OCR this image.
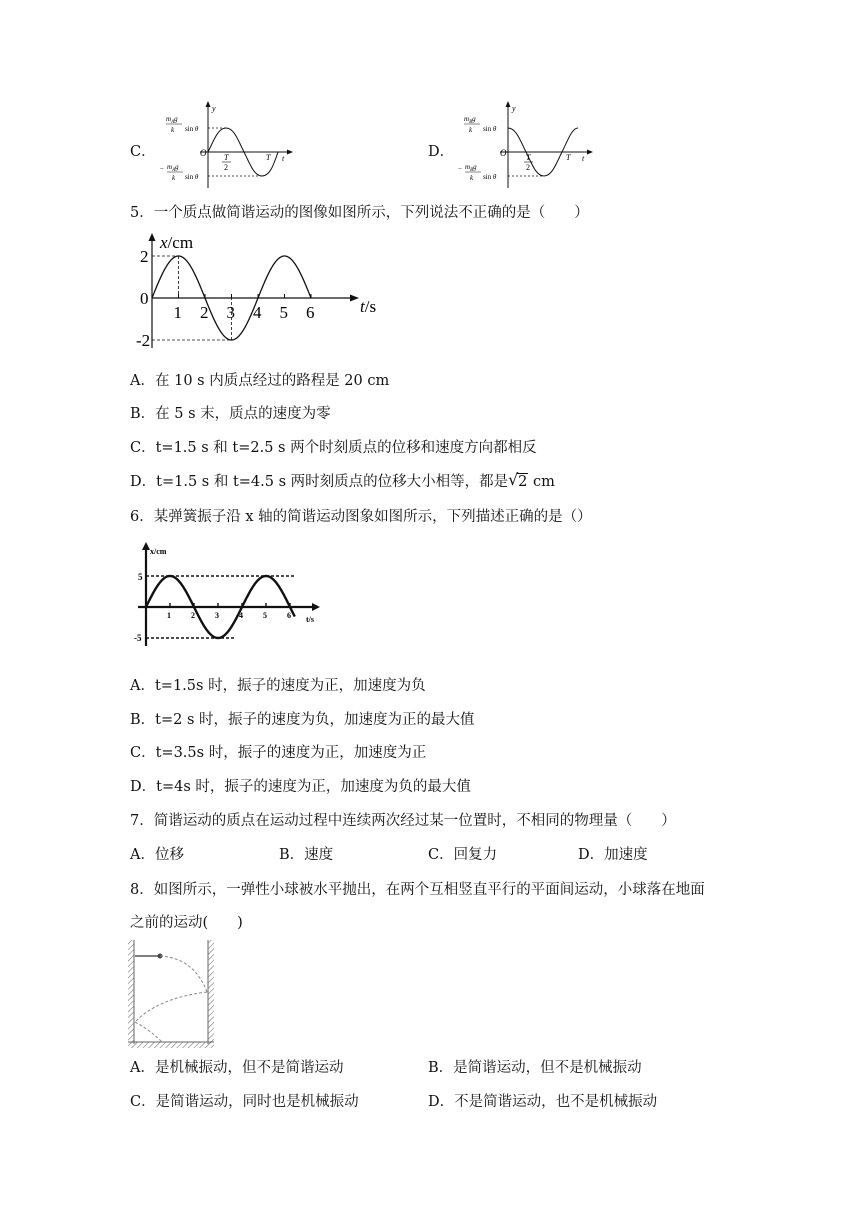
C．
y
t
O T
2
T
$m_Ag$
k sin θ
− $m_Ag$
k sin θ
D．
y
t
O T
2
T
$m_Bg$
k sin θ
− $m_Bg$
k sin θ
5．一个质点做简谐运动的图像如图所示，下列说法不正确的是（　　）
x/cm
t/s
1 2 3 4 5 6
2
0
-2
A．在 10 s 内质点经过的路程是 20 cm
B．在 5 s 末，质点的速度为零
C．t=1.5 s 和 t=2.5 s 两个时刻质点的位移和速度方向都相反
D．t=1.5 s 和 t=4.5 s 两时刻质点的位移大小相等，都是 √ 2 cm
6．某弹簧振子沿 x 轴的简谐运动图象如图所示，下列描述正确的是（）
x/cm
t/s
5
-5
1	2	3	4	5	6
A．t=1.5s 时，振子的速度为正，加速度为负
B．t=2 s 时，振子的速度为负，加速度为正的最大值
C．t=3.5s 时，振子的速度为正，加速度为正
D．t=4s 时，振子的速度为正，加速度为负的最大值
7．简谐运动的质点在运动过程中连续两次经过某一位置时，不相同的物理量（　　）
A．位移	B．速度	C．回复力	D．加速度
8．如图所示，一弹性小球被水平抛出，在两个互相竖直平行的平面间运动，小球落在地面
之前的运动(　　)
A．是机械振动，但不是简谐运动	B．是简谐运动，但不是机械振动
C．是简谐运动，同时也是机械振动	D．不是简谐运动，也不是机械振动
